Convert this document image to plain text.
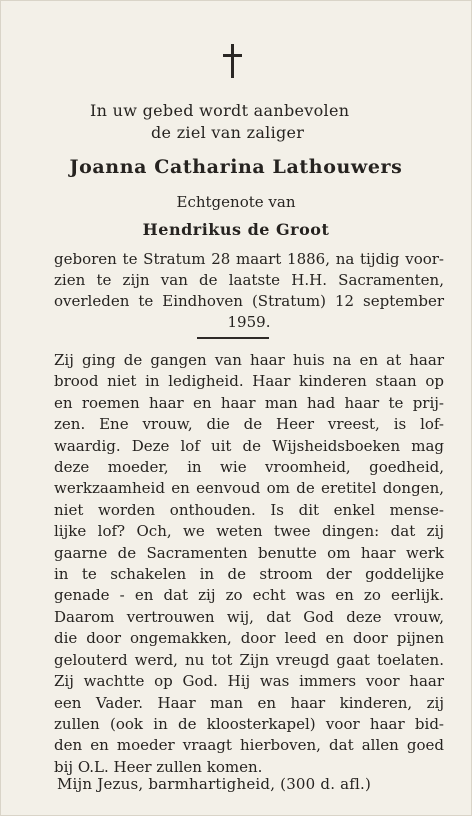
In uw gebed wordt aanbevolen
de ziel van zaliger
Joanna Catharina Lathouwers
Echtgenote van
Hendrikus de Groot
geboren te Stratum 28 maart 1886, na tijdig voor-
zien te zijn van de laatste H.H. Sacramenten,
overleden te Eindhoven (Stratum) 12 september
1959.
Zij ging de gangen van haar huis na en at haar
brood niet in ledigheid. Haar kinderen staan op
en roemen haar en haar man had haar te prij-
zen. Ene vrouw, die de Heer vreest, is lof-
waardig. Deze lof uit de Wijsheidsboeken mag
deze moeder, in wie vroomheid, goedheid,
werkzaamheid en eenvoud om de eretitel dongen,
niet worden onthouden. Is dit enkel mense-
lijke lof? Och, we weten twee dingen: dat zij
gaarne de Sacramenten benutte om haar werk
in te schakelen in de stroom der goddelijke
genade - en dat zij zo echt was en zo eerlijk.
Daarom vertrouwen wij, dat God deze vrouw,
die door ongemakken, door leed en door pijnen
gelouterd werd, nu tot Zijn vreugd gaat toelaten.
Zij wachtte op God. Hij was immers voor haar
een Vader. Haar man en haar kinderen, zij
zullen (ook in de kloosterkapel) voor haar bid-
den en moeder vraagt hierboven, dat allen goed
bij O.L. Heer zullen komen.
Mijn Jezus, barmhartigheid, (300 d. afl.)
